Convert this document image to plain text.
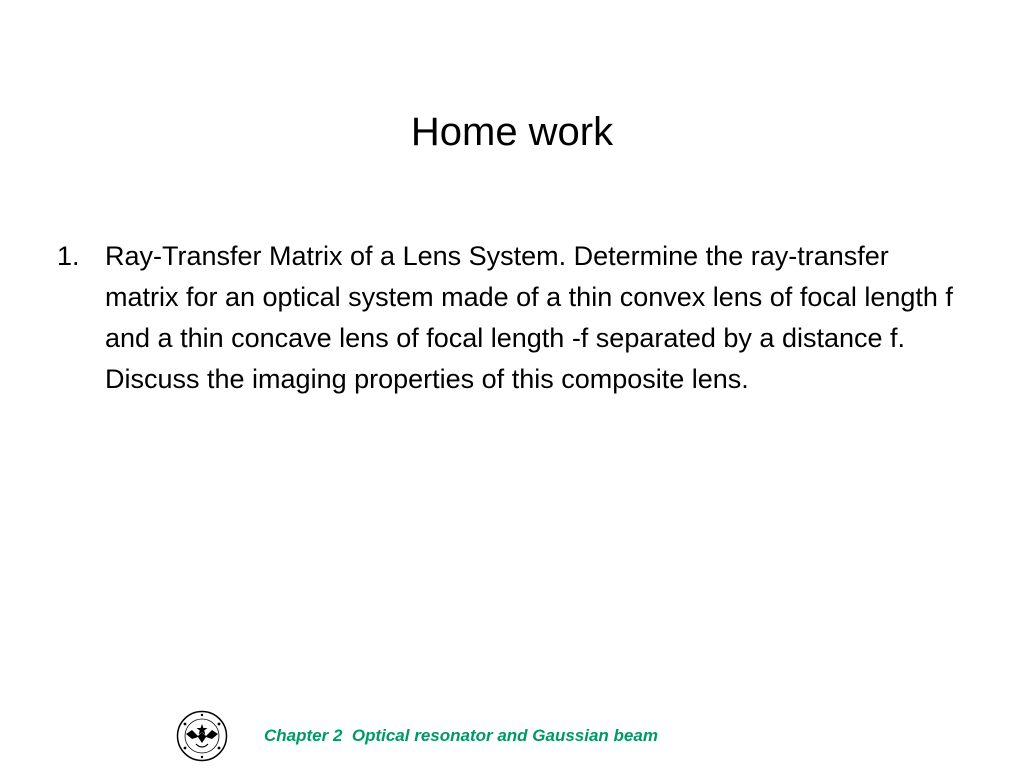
Home work
1. Ray-Transfer Matrix of a Lens System. Determine the ray-transfer matrix for an optical system made of a thin convex lens of focal length f and a thin concave lens of focal length -f separated by a distance f. Discuss the imaging properties of this composite lens.
Chapter 2  Optical resonator and Gaussian beam
